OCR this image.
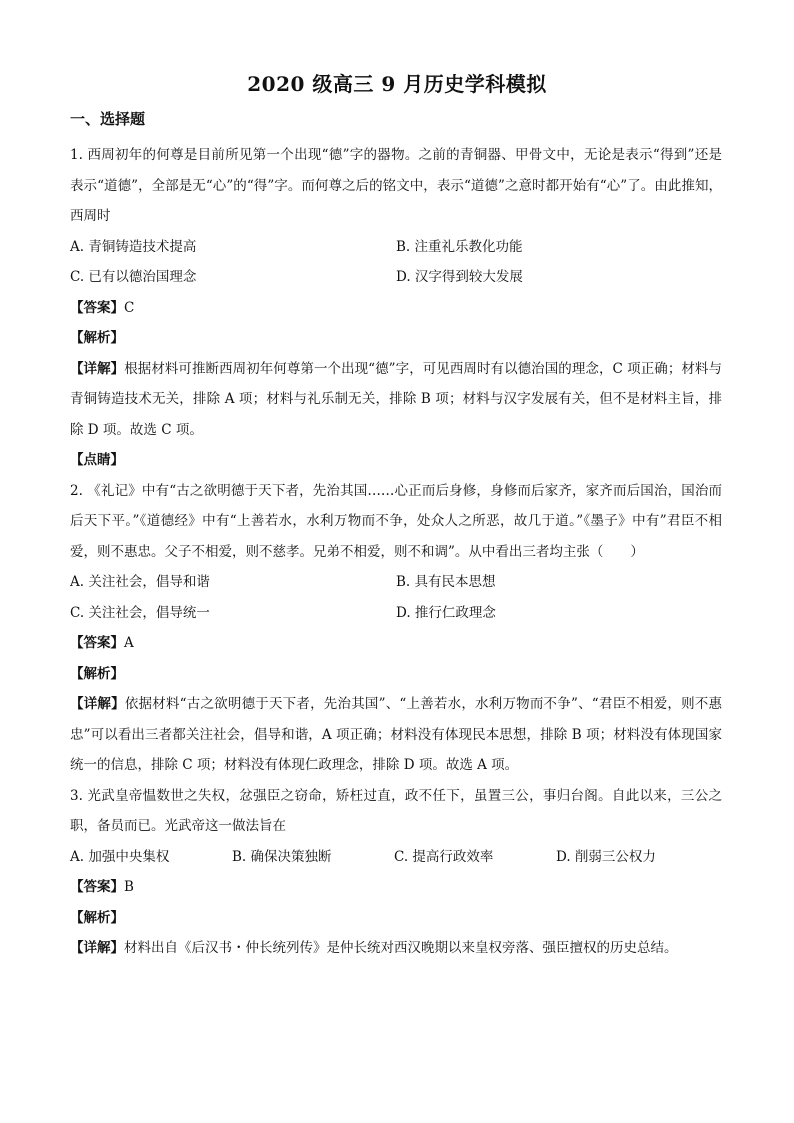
2020 级高三 9 月历史学科模拟
一、选择题

1. 西周初年的何尊是目前所见第一个出现“德”字的器物。之前的青铜器、甲骨文中，无论是表示“得到”还是表示“道德”，全部是无“心”的“得”字。而何尊之后的铭文中，表示“道德”之意时都开始有“心”了。由此推知，西周时

A. 青铜铸造技术提高	B. 注重礼乐教化功能
C. 已有以德治国理念	D. 汉字得到较大发展

【答案】C

【解析】

【详解】根据材料可推断西周初年何尊第一个出现“德”字，可见西周时有以德治国的理念，C 项正确；材料与青铜铸造技术无关，排除 A 项；材料与礼乐制无关，排除 B 项；材料与汉字发展有关，但不是材料主旨，排除 D 项。故选 C 项。

【点睛】

2. 《礼记》中有“古之欲明德于天下者，先治其国……心正而后身修，身修而后家齐，家齐而后国治，国治而后天下平。”《道德经》中有“上善若水，水利万物而不争，处众人之所恶，故几于道。”《墨子》中有”君臣不相爱，则不惠忠。父子不相爱，则不慈孝。兄弟不相爱，则不和调”。从中看出三者均主张（　　）

A. 关注社会，倡导和谐	B. 具有民本思想
C. 关注社会，倡导统一	D. 推行仁政理念

【答案】A

【解析】

【详解】依据材料“古之欲明德于天下者，先治其国”、“上善若水，水利万物而不争”、“君臣不相爱，则不惠忠”可以看出三者都关注社会，倡导和谐，A 项正确；材料没有体现民本思想，排除 B 项；材料没有体现国家统一的信息，排除 C 项；材料没有体现仁政理念，排除 D 项。故选 A 项。

3. 光武皇帝愠数世之失权，忿强臣之窃命，矫枉过直，政不任下，虽置三公，事归台阁。自此以来，三公之职，备员而已。光武帝这一做法旨在

A. 加强中央集权	B. 确保决策独断	C. 提高行政效率	D. 削弱三公权力

【答案】B

【解析】

【详解】材料出自《后汉书・仲长统列传》是仲长统对西汉晚期以来皇权旁落、强臣擅权的历史总结。
